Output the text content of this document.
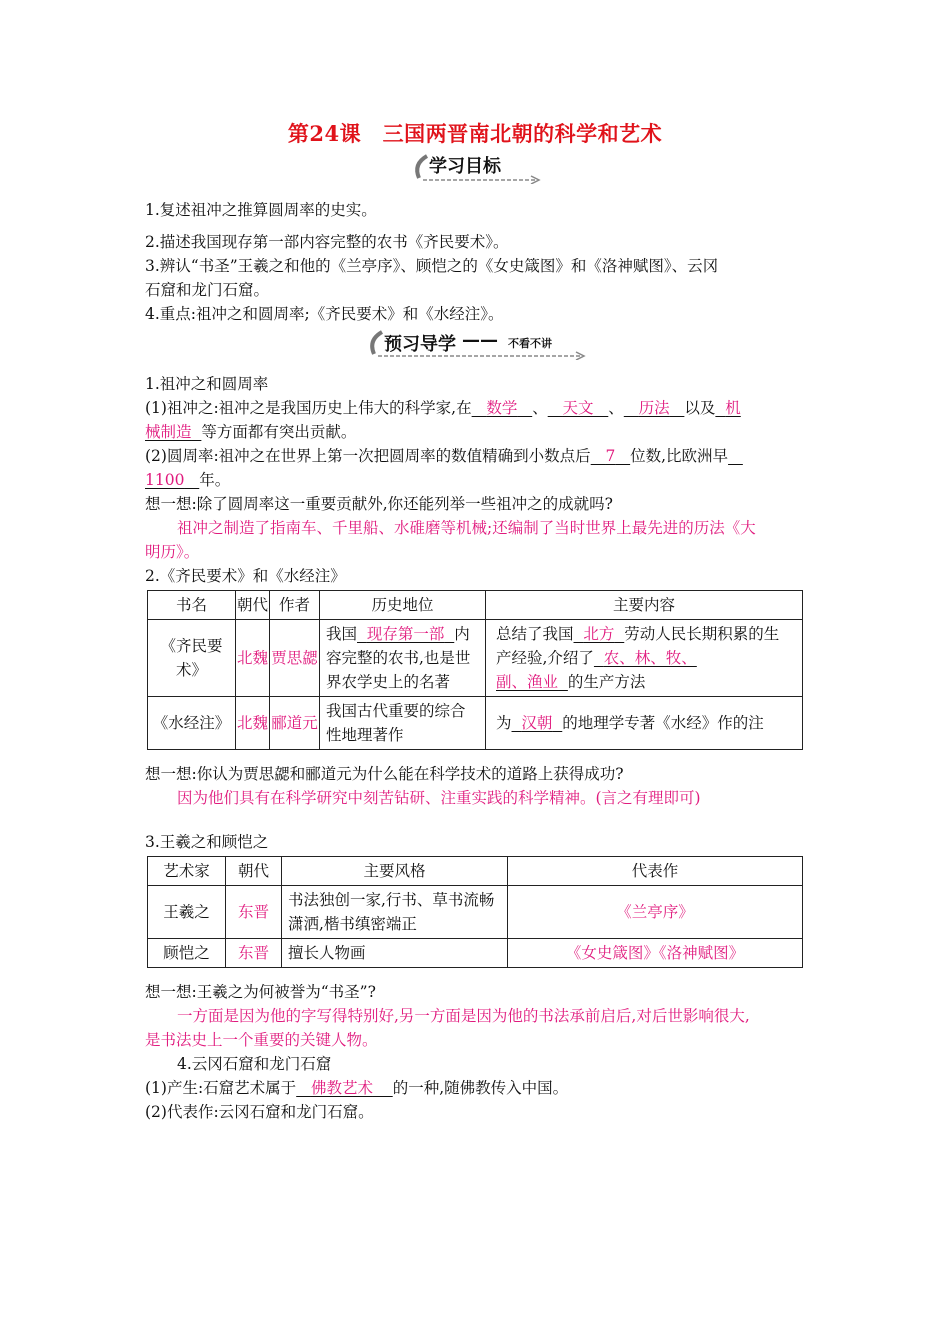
第24课　三国两晋南北朝的科学和艺术

学习目标

1.复述祖冲之推算圆周率的史实。

2.描述我国现存第一部内容完整的农书《齐民要术》。

3.辨认“书圣”王羲之和他的《兰亭序》、顾恺之的《女史箴图》和《洛神赋图》、云冈

石窟和龙门石窟。

4.重点:祖冲之和圆周率;《齐民要术》和《水经注》。

预习导学 —— 不看不讲

1.祖冲之和圆周率

(1)祖冲之:祖冲之是我国历史上伟大的科学家,在 数学 、 天文 、 历法 以及 机

械制造 等方面都有突出贡献。

(2)圆周率:祖冲之在世界上第一次把圆周率的数值精确到小数点后 7 位数,比欧洲早

1100 年。

想一想:除了圆周率这一重要贡献外,你还能列举一些祖冲之的成就吗?

祖冲之制造了指南车、千里船、水碓磨等机械;还编制了当时世界上最先进的历法《大

明历》。

2.《齐民要术》和《水经注》

书名	朝代	作者	历史地位	主要内容
《齐民要
术》	北魏	贾思勰	我国 现存第一部 内容完整的农书,也是世界农学史上的名著	总结了我国 北方 劳动人民长期积累的生产经验,介绍了 农、林、牧、
副、渔业 的生产方法
《水经注》	北魏	郦道元	我国古代重要的综合性地理著作	为 汉朝 的地理学专著《水经》作的注

想一想:你认为贾思勰和郦道元为什么能在科学技术的道路上获得成功?

因为他们具有在科学研究中刻苦钻研、注重实践的科学精神。(言之有理即可)

3.王羲之和顾恺之

艺术家	朝代	主要风格	代表作
王羲之	东晋	书法独创一家,行书、草书流畅潇洒,楷书缜密端正	《兰亭序》
顾恺之	东晋	擅长人物画	《女史箴图》《洛神赋图》

想一想:王羲之为何被誉为“书圣”?

一方面是因为他的字写得特别好,另一方面是因为他的书法承前启后,对后世影响很大,

是书法史上一个重要的关键人物。

4.云冈石窟和龙门石窟

(1)产生:石窟艺术属于 佛教艺术 的一种,随佛教传入中国。

(2)代表作:云冈石窟和龙门石窟。
